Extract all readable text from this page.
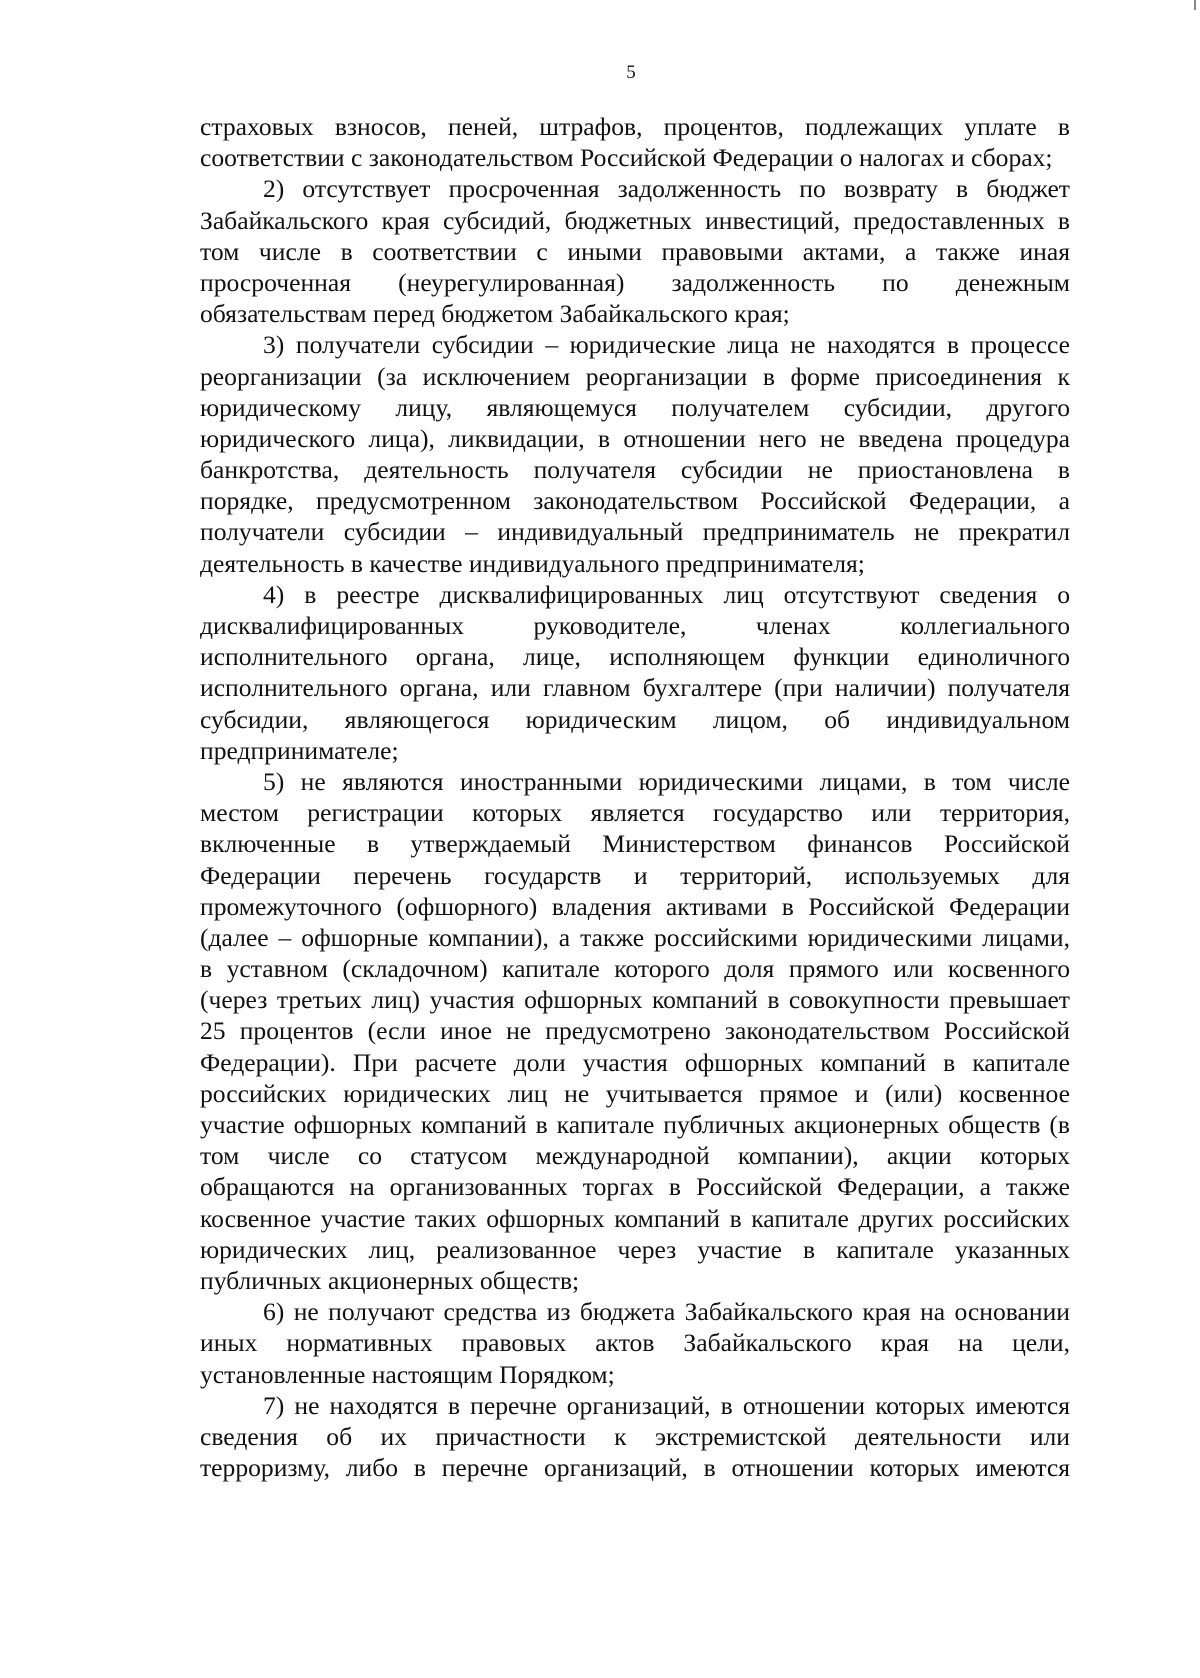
5
страховых взносов, пеней, штрафов, процентов, подлежащих уплате в
соответствии с законодательством Российской Федерации о налогах и сборах;
2) отсутствует просроченная задолженность по возврату в бюджет
Забайкальского края субсидий, бюджетных инвестиций, предоставленных в
том числе в соответствии с иными правовыми актами, а также иная
просроченная (неурегулированная) задолженность по денежным
обязательствам перед бюджетом Забайкальского края;
3) получатели субсидии – юридические лица не находятся в процессе
реорганизации (за исключением реорганизации в форме присоединения к
юридическому лицу, являющемуся получателем субсидии, другого
юридического лица), ликвидации, в отношении него не введена процедура
банкротства, деятельность получателя субсидии не приостановлена в
порядке, предусмотренном законодательством Российской Федерации, а
получатели субсидии – индивидуальный предприниматель не прекратил
деятельность в качестве индивидуального предпринимателя;
4) в реестре дисквалифицированных лиц отсутствуют сведения о
дисквалифицированных руководителе, членах коллегиального
исполнительного органа, лице, исполняющем функции единоличного
исполнительного органа, или главном бухгалтере (при наличии) получателя
субсидии, являющегося юридическим лицом, об индивидуальном
предпринимателе;
5) не являются иностранными юридическими лицами, в том числе
местом регистрации которых является государство или территория,
включенные в утверждаемый Министерством финансов Российской
Федерации перечень государств и территорий, используемых для
промежуточного (офшорного) владения активами в Российской Федерации
(далее – офшорные компании), а также российскими юридическими лицами,
в уставном (складочном) капитале которого доля прямого или косвенного
(через третьих лиц) участия офшорных компаний в совокупности превышает
25 процентов (если иное не предусмотрено законодательством Российской
Федерации). При расчете доли участия офшорных компаний в капитале
российских юридических лиц не учитывается прямое и (или) косвенное
участие офшорных компаний в капитале публичных акционерных обществ (в
том числе со статусом международной компании), акции которых
обращаются на организованных торгах в Российской Федерации, а также
косвенное участие таких офшорных компаний в капитале других российских
юридических лиц, реализованное через участие в капитале указанных
публичных акционерных обществ;
6) не получают средства из бюджета Забайкальского края на основании
иных нормативных правовых актов Забайкальского края на цели,
установленные настоящим Порядком;
7) не находятся в перечне организаций, в отношении которых имеются
сведения об их причастности к экстремистской деятельности или
терроризму, либо в перечне организаций, в отношении которых имеются
